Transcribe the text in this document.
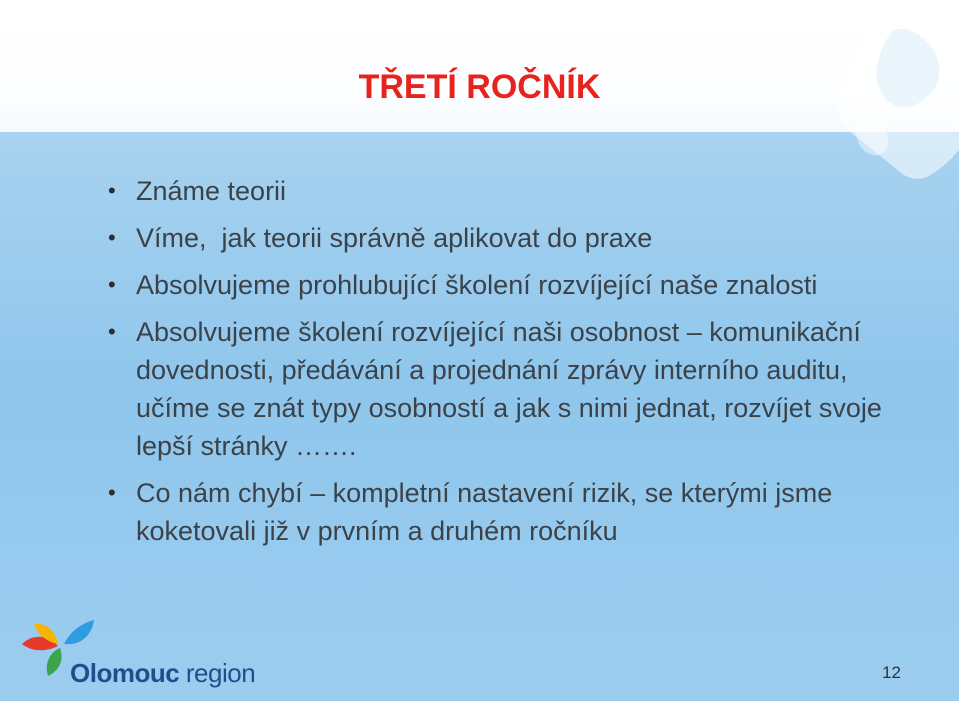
TŘETÍ ROČNÍK
• Známe teorii
• Víme,  jak teorii správně aplikovat do praxe
• Absolvujeme prohlubující školení rozvíjející naše znalosti
• Absolvujeme školení rozvíjející naši osobnost – komunikační dovednosti, předávání a projednání zprávy interního auditu, učíme se znát typy osobností a jak s nimi jednat, rozvíjet svoje lepší stránky …….
• Co nám chybí – kompletní nastavení rizik, se kterými jsme koketovali již v prvním a druhém ročníku
Olomouc region	12
